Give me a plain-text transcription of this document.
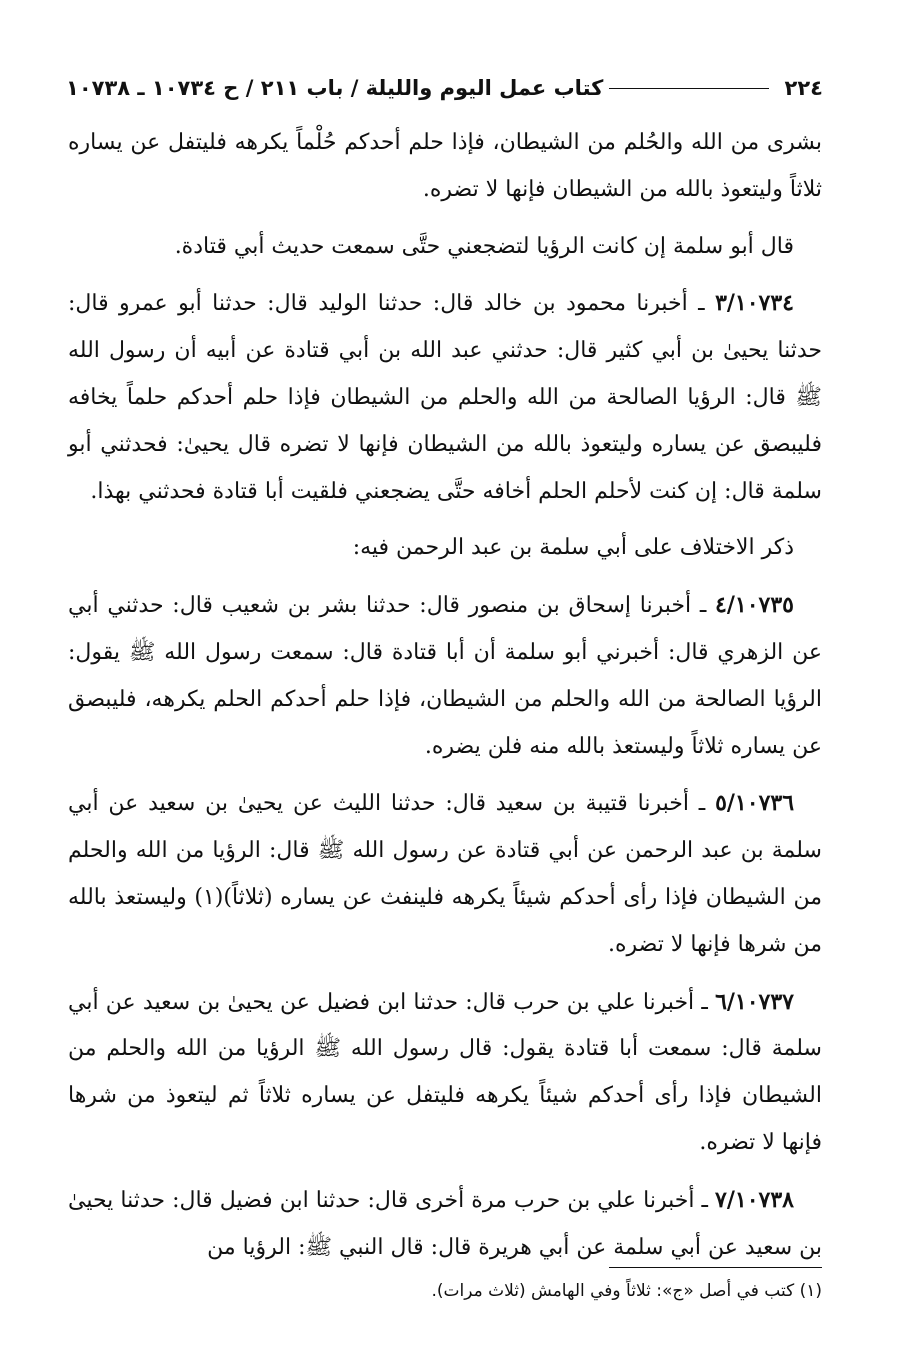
٢٢٤
كتاب عمل اليوم والليلة / باب ٢١١ / ح ١٠٧٣٤ ـ ١٠٧٣٨

بشرى من الله والحُلم من الشيطان، فإذا حلم أحدكم حُلْماً يكرهه فليتفل عن يساره ثلاثاً وليتعوذ بالله من الشيطان فإنها لا تضره.

قال أبو سلمة إن كانت الرؤيا لتضجعني حتَّى سمعت حديث أبي قتادة.

٣/١٠٧٣٤ ـ أخبرنا محمود بن خالد قال: حدثنا الوليد قال: حدثنا أبو عمرو قال: حدثنا يحيىٰ بن أبي كثير قال: حدثني عبد الله بن أبي قتادة عن أبيه أن رسول الله ﷺ قال: الرؤيا الصالحة من الله والحلم من الشيطان فإذا حلم أحدكم حلماً يخافه فليبصق عن يساره وليتعوذ بالله من الشيطان فإنها لا تضره قال يحيىٰ: فحدثني أبو سلمة قال: إن كنت لأحلم الحلم أخافه حتَّى يضجعني فلقيت أبا قتادة فحدثني بهذا.

ذكر الاختلاف على أبي سلمة بن عبد الرحمن فيه:

٤/١٠٧٣٥ ـ أخبرنا إسحاق بن منصور قال: حدثنا بشر بن شعيب قال: حدثني أبي عن الزهري قال: أخبرني أبو سلمة أن أبا قتادة قال: سمعت رسول الله ﷺ يقول: الرؤيا الصالحة من الله والحلم من الشيطان، فإذا حلم أحدكم الحلم يكرهه، فليبصق عن يساره ثلاثاً وليستعذ بالله منه فلن يضره.

٥/١٠٧٣٦ ـ أخبرنا قتيبة بن سعيد قال: حدثنا الليث عن يحيىٰ بن سعيد عن أبي سلمة بن عبد الرحمن عن أبي قتادة عن رسول الله ﷺ قال: الرؤيا من الله والحلم من الشيطان فإذا رأى أحدكم شيئاً يكرهه فلينفث عن يساره (ثلاثاً)(١) وليستعذ بالله من شرها فإنها لا تضره.

٦/١٠٧٣٧ ـ أخبرنا علي بن حرب قال: حدثنا ابن فضيل عن يحيىٰ بن سعيد عن أبي سلمة قال: سمعت أبا قتادة يقول: قال رسول الله ﷺ الرؤيا من الله والحلم من الشيطان فإذا رأى أحدكم شيئاً يكرهه فليتفل عن يساره ثلاثاً ثم ليتعوذ من شرها فإنها لا تضره.

٧/١٠٧٣٨ ـ أخبرنا علي بن حرب مرة أخرى قال: حدثنا ابن فضيل قال: حدثنا يحيىٰ بن سعيد عن أبي سلمة عن أبي هريرة قال: قال النبي ﷺ: الرؤيا من

(١) كتب في أصل «ج»: ثلاثاً وفي الهامش (ثلاث مرات).
